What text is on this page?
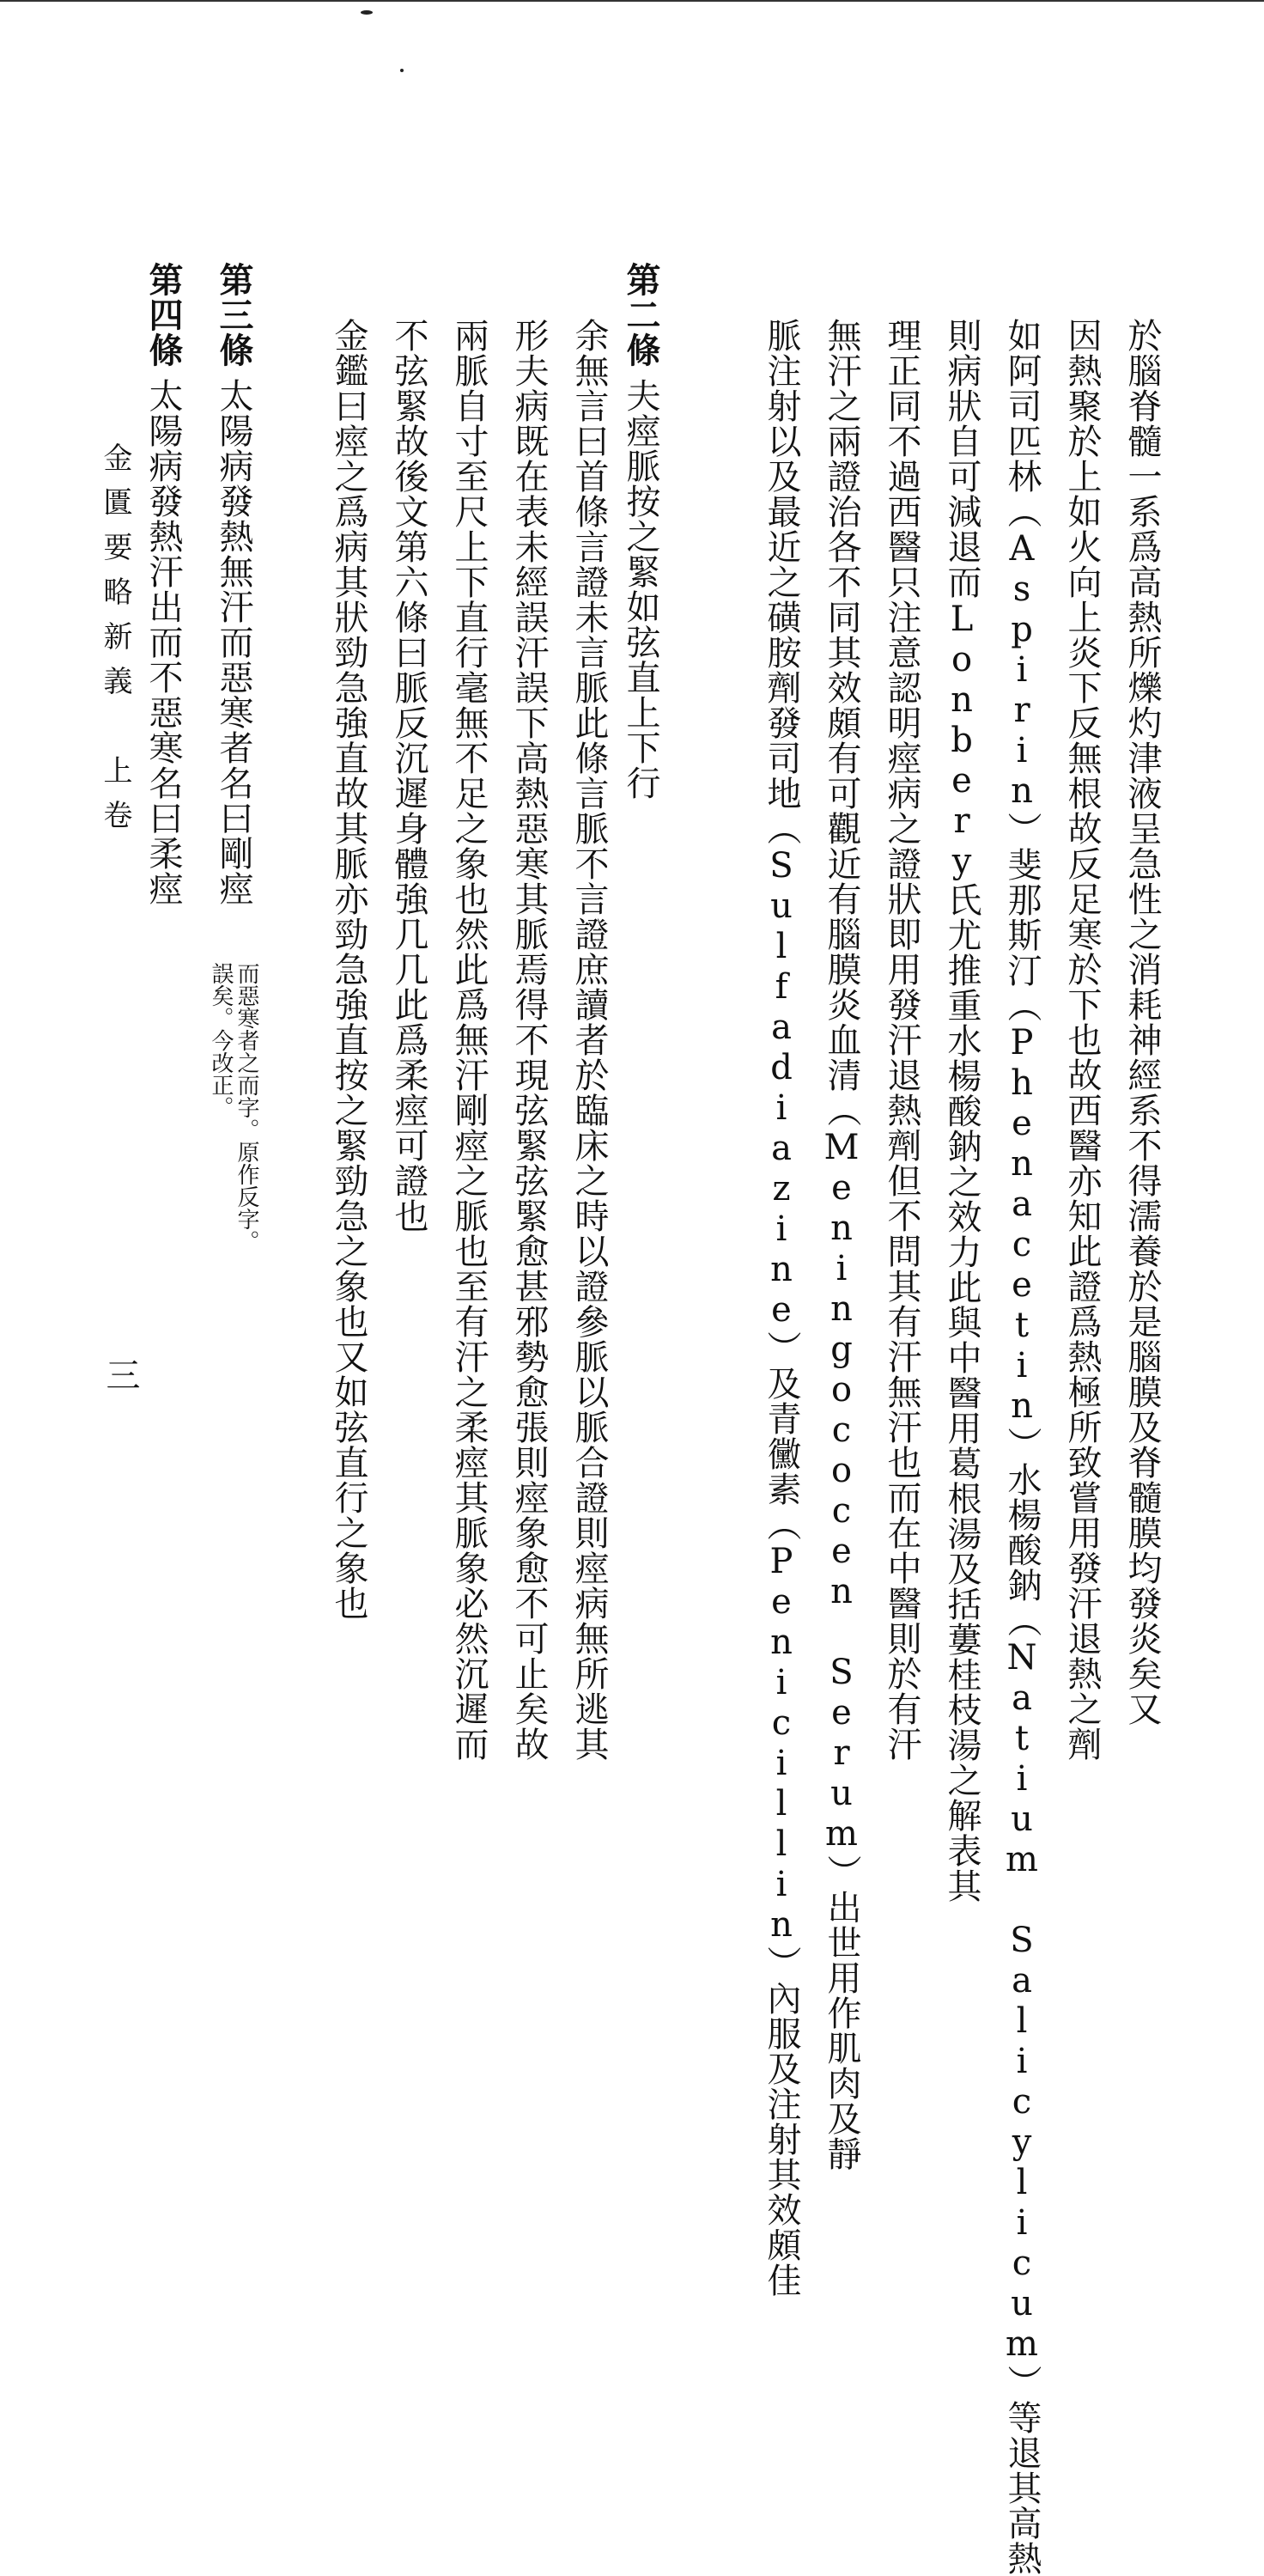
三
金匱要略新義　上卷	於腦脊髓一系爲高熱所爍灼津液呈急性之消耗神經系不得濡養於是腦膜及脊髓膜均發炎矣又
因熱聚於上如火向上炎下反無根故反足寒於下也故西醫亦知此證爲熱極所致嘗用發汗退熱之劑
如阿司匹林（Aspirin）斐那斯汀（Phenacetin）水楊酸鈉（Natium Salicylicum）等退其高熱
則病狀自可減退而Lonbery氏尤推重水楊酸鈉之效力此與中醫用葛根湯及括蔞桂枝湯之解表其
理正同不過西醫只注意認明痙病之證狀即用發汗退熱劑但不問其有汗無汗也而在中醫則於有汗
無汗之兩證治各不同其效頗有可觀近有腦膜炎血清（Meningococen Serum）出世用作肌肉及靜
脈注射以及最近之磺胺劑發司地（Sulfadiazine）及青黴素（Penicillin）內服及注射其效頗佳
第二條
夫痙脈按之緊如弦直上下行
余無言曰首條言證未言脈此條言脈不言證庶讀者於臨床之時以證參脈以脈合證則痙病無所逃其
形夫病既在表未經誤汗誤下高熱惡寒其脈焉得不現弦緊弦緊愈甚邪勢愈張則痙象愈不可止矣故
兩脈自寸至尺上下直行毫無不足之象也然此爲無汗剛痙之脈也至有汗之柔痙其脈象必然沉遲而
不弦緊故後文第六條曰脈反沉遲身體強几几此爲柔痙可證也
金鑑曰痙之爲病其狀勁急強直故其脈亦勁急強直按之緊勁急之象也又如弦直行之象也
第三條
太陽病發熱無汗而惡寒者名曰剛痙
而惡寒者之而字。原作反字。誤矣。今改正。
第四條
太陽病發熱汗出而不惡寒名曰柔痙
